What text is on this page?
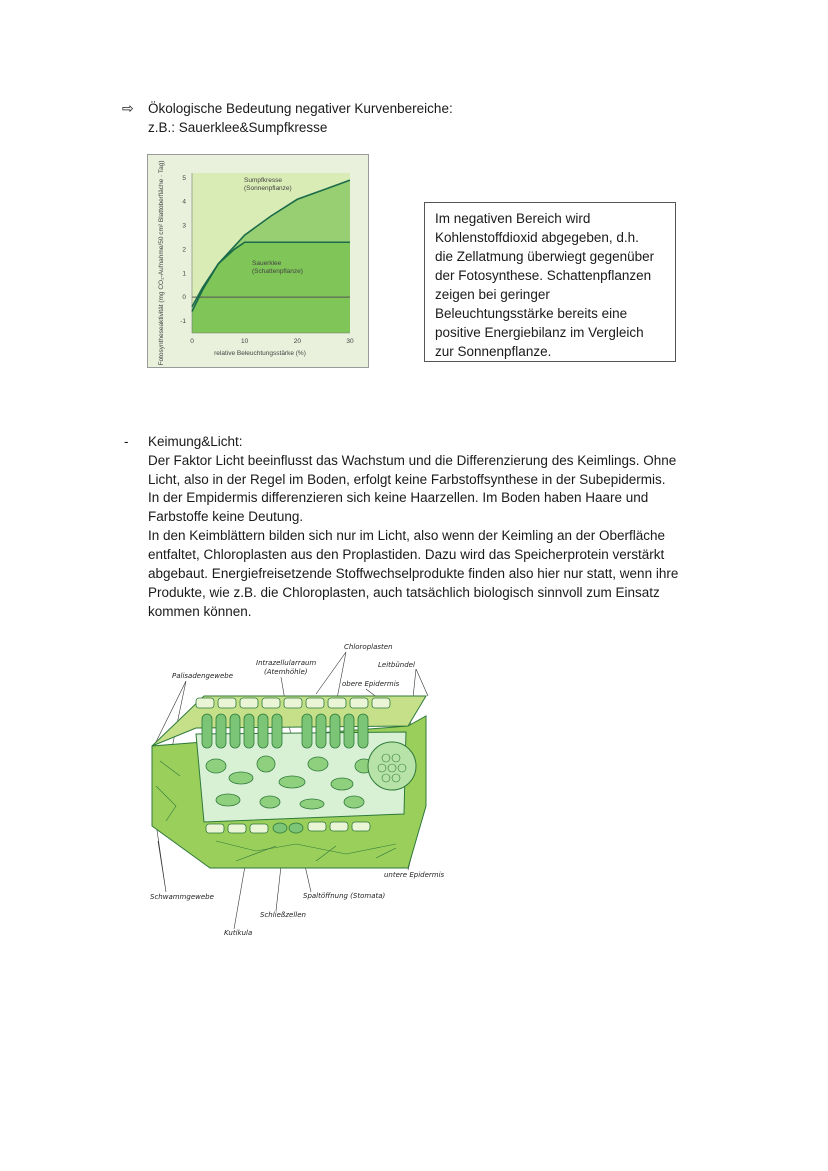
⇨ Ökologische Bedeutung negativer Kurvenbereiche:
z.B.: Sauerklee&Sumpfkresse
0	10	20	30
-1
0
1
2
3
4
5
Fotosyntheseaktivität (mg CO₂-Aufnahme/50 cm² Blattoberfläche · Tag)	relative Beleuchtungsstärke (%)
Sumpfkresse
(Sonnenpflanze)
Sauerklee
(Schattenpflanze)

Im negativen Bereich wird

Kohlenstoffdioxid abgegeben, d.h.

die Zellatmung überwiegt gegenüber

der Fotosynthese. Schattenpflanzen

zeigen bei geringer

Beleuchtungsstärke bereits eine

positive Energiebilanz im Vergleich

zur Sonnenpflanze.

- Keimung&Licht:
Der Faktor Licht beeinflusst das Wachstum und die Differenzierung des Keimlings. Ohne
Licht, also in der Regel im Boden, erfolgt keine Farbstoffsynthese in der Subepidermis.
In der Empidermis differenzieren sich keine Haarzellen. Im Boden haben Haare und
Farbstoffe keine Deutung.
In den Keimblättern bilden sich nur im Licht, also wenn der Keimling an der Oberfläche
entfaltet, Chloroplasten aus den Proplastiden. Dazu wird das Speicherprotein verstärkt
abgebaut. Energiefreisetzende Stoffwechselprodukte finden also hier nur statt, wenn ihre
Produkte, wie z.B. die Chloroplasten, auch tatsächlich biologisch sinnvoll zum Einsatz
kommen können.
Chloroplasten
Leitbündel
Intrazellularraum
(Atemhöhle)
Palisadengewebe
obere Epidermis
untere Epidermis
Schwammgewebe	Spaltöffnung (Stomata)
Schließzellen
Kutikula
